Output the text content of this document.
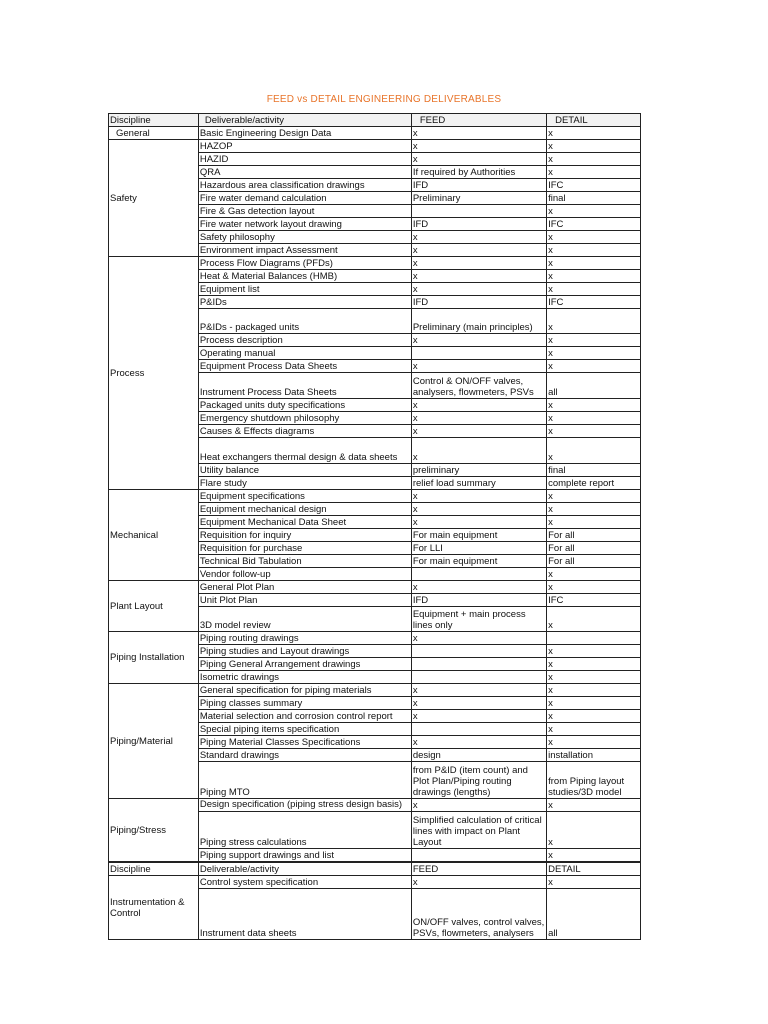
FEED vs DETAIL ENGINEERING DELIVERABLES
Discipline	Deliverable/activity	FEED	DETAIL
General	Basic Engineering Design Data	x	x
Safety	HAZOP	x	x
	HAZID	x	x
	QRA	If required by Authorities	x
	Hazardous area classification drawings	IFD	IFC
	Fire water demand calculation	Preliminary	final
	Fire & Gas detection layout		x
	Fire water network layout drawing	IFD	IFC
	Safety philosophy	x	x
	Environment impact Assessment	x	x
Process	Process Flow Diagrams (PFDs)	x	x
	Heat & Material Balances (HMB)	x	x
	Equipment list	x	x
	P&IDs	IFD	IFC
	P&IDs - packaged units	Preliminary (main principles)	x
	Process description	x	x
	Operating manual		x
	Equipment Process Data Sheets	x	x
	Instrument Process Data Sheets	Control & ON/OFF valves, analysers, flowmeters, PSVs	all
	Packaged units duty specifications	x	x
	Emergency shutdown philosophy	x	x
	Causes & Effects diagrams	x	x
	Heat exchangers thermal design & data sheets	x	x
	Utility balance	preliminary	final
	Flare study	relief load summary	complete report
Mechanical	Equipment specifications	x	x
	Equipment mechanical design	x	x
	Equipment Mechanical Data Sheet	x	x
	Requisition for inquiry	For main equipment	For all
	Requisition for purchase	For LLI	For all
	Technical Bid Tabulation	For main equipment	For all
	Vendor follow-up		x
Plant Layout	General Plot Plan	x	x
	Unit Plot Plan	IFD	IFC
	3D model review	Equipment + main process lines only	x
Piping Installation	Piping routing drawings	x	
	Piping studies and Layout drawings		x
	Piping General Arrangement drawings		x
	Isometric drawings		x
Piping/Material	General specification for piping materials	x	x
	Piping classes summary	x	x
	Material selection and corrosion control report	x	x
	Special piping items specification		x
	Piping Material Classes Specifications	x	x
	Standard drawings	design	installation
	Piping MTO	from P&ID (item count) and Plot Plan/Piping routing drawings (lengths)	from Piping layout studies/3D model
Piping/Stress	Design specification (piping stress design basis)	x	x
	Piping stress calculations	Simplified calculation of critical lines with impact on Plant Layout	x
	Piping support drawings and list		x
Discipline	Deliverable/activity	FEED	DETAIL
Instrumentation & Control	Control system specification	x	x
	Instrument data sheets	ON/OFF valves, control valves, PSVs, flowmeters, analysers	all
